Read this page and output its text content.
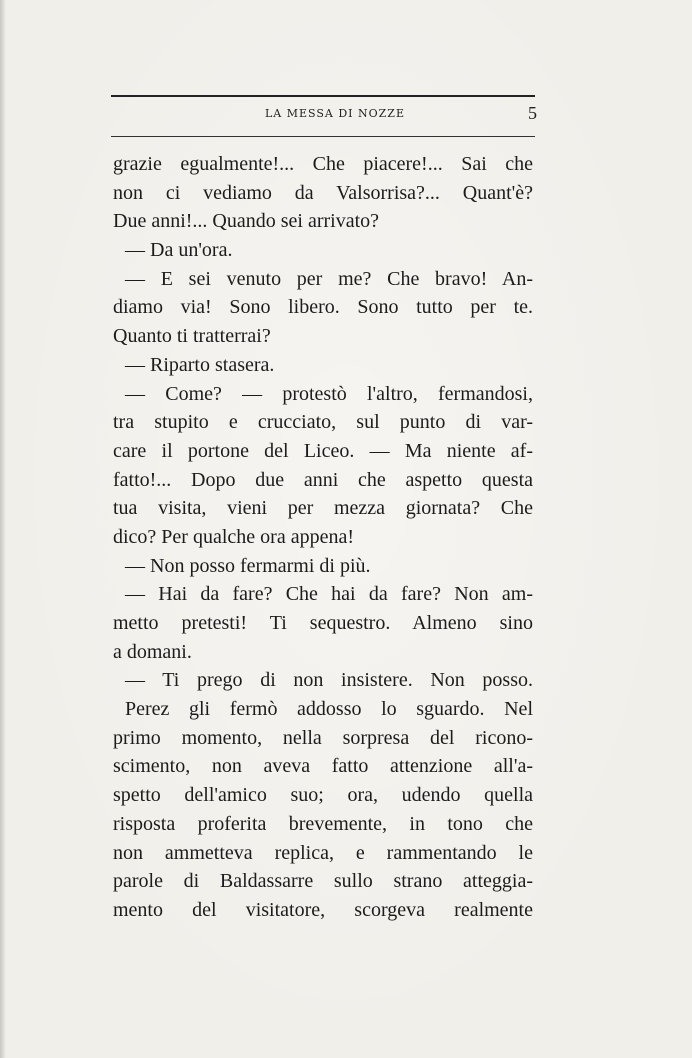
LA MESSA DI NOZZE	5
grazie egualmente!... Che piacere!... Sai che
non ci vediamo da Valsorrisa?... Quant'è?
Due anni!... Quando sei arrivato?
— Da un'ora.
— E sei venuto per me? Che bravo! An-
diamo via! Sono libero. Sono tutto per te.
Quanto ti tratterrai?
— Riparto stasera.
— Come? — protestò l'altro, fermandosi,
tra stupito e crucciato, sul punto di var-
care il portone del Liceo. — Ma niente af-
fatto!... Dopo due anni che aspetto questa
tua visita, vieni per mezza giornata? Che
dico? Per qualche ora appena!
— Non posso fermarmi di più.
— Hai da fare? Che hai da fare? Non am-
metto pretesti! Ti sequestro. Almeno sino
a domani.
— Ti prego di non insistere. Non posso.
Perez gli fermò addosso lo sguardo. Nel
primo momento, nella sorpresa del ricono-
scimento, non aveva fatto attenzione all'a-
spetto dell'amico suo; ora, udendo quella
risposta proferita brevemente, in tono che
non ammetteva replica, e rammentando le
parole di Baldassarre sullo strano atteggia-
mento del visitatore, scorgeva realmente
